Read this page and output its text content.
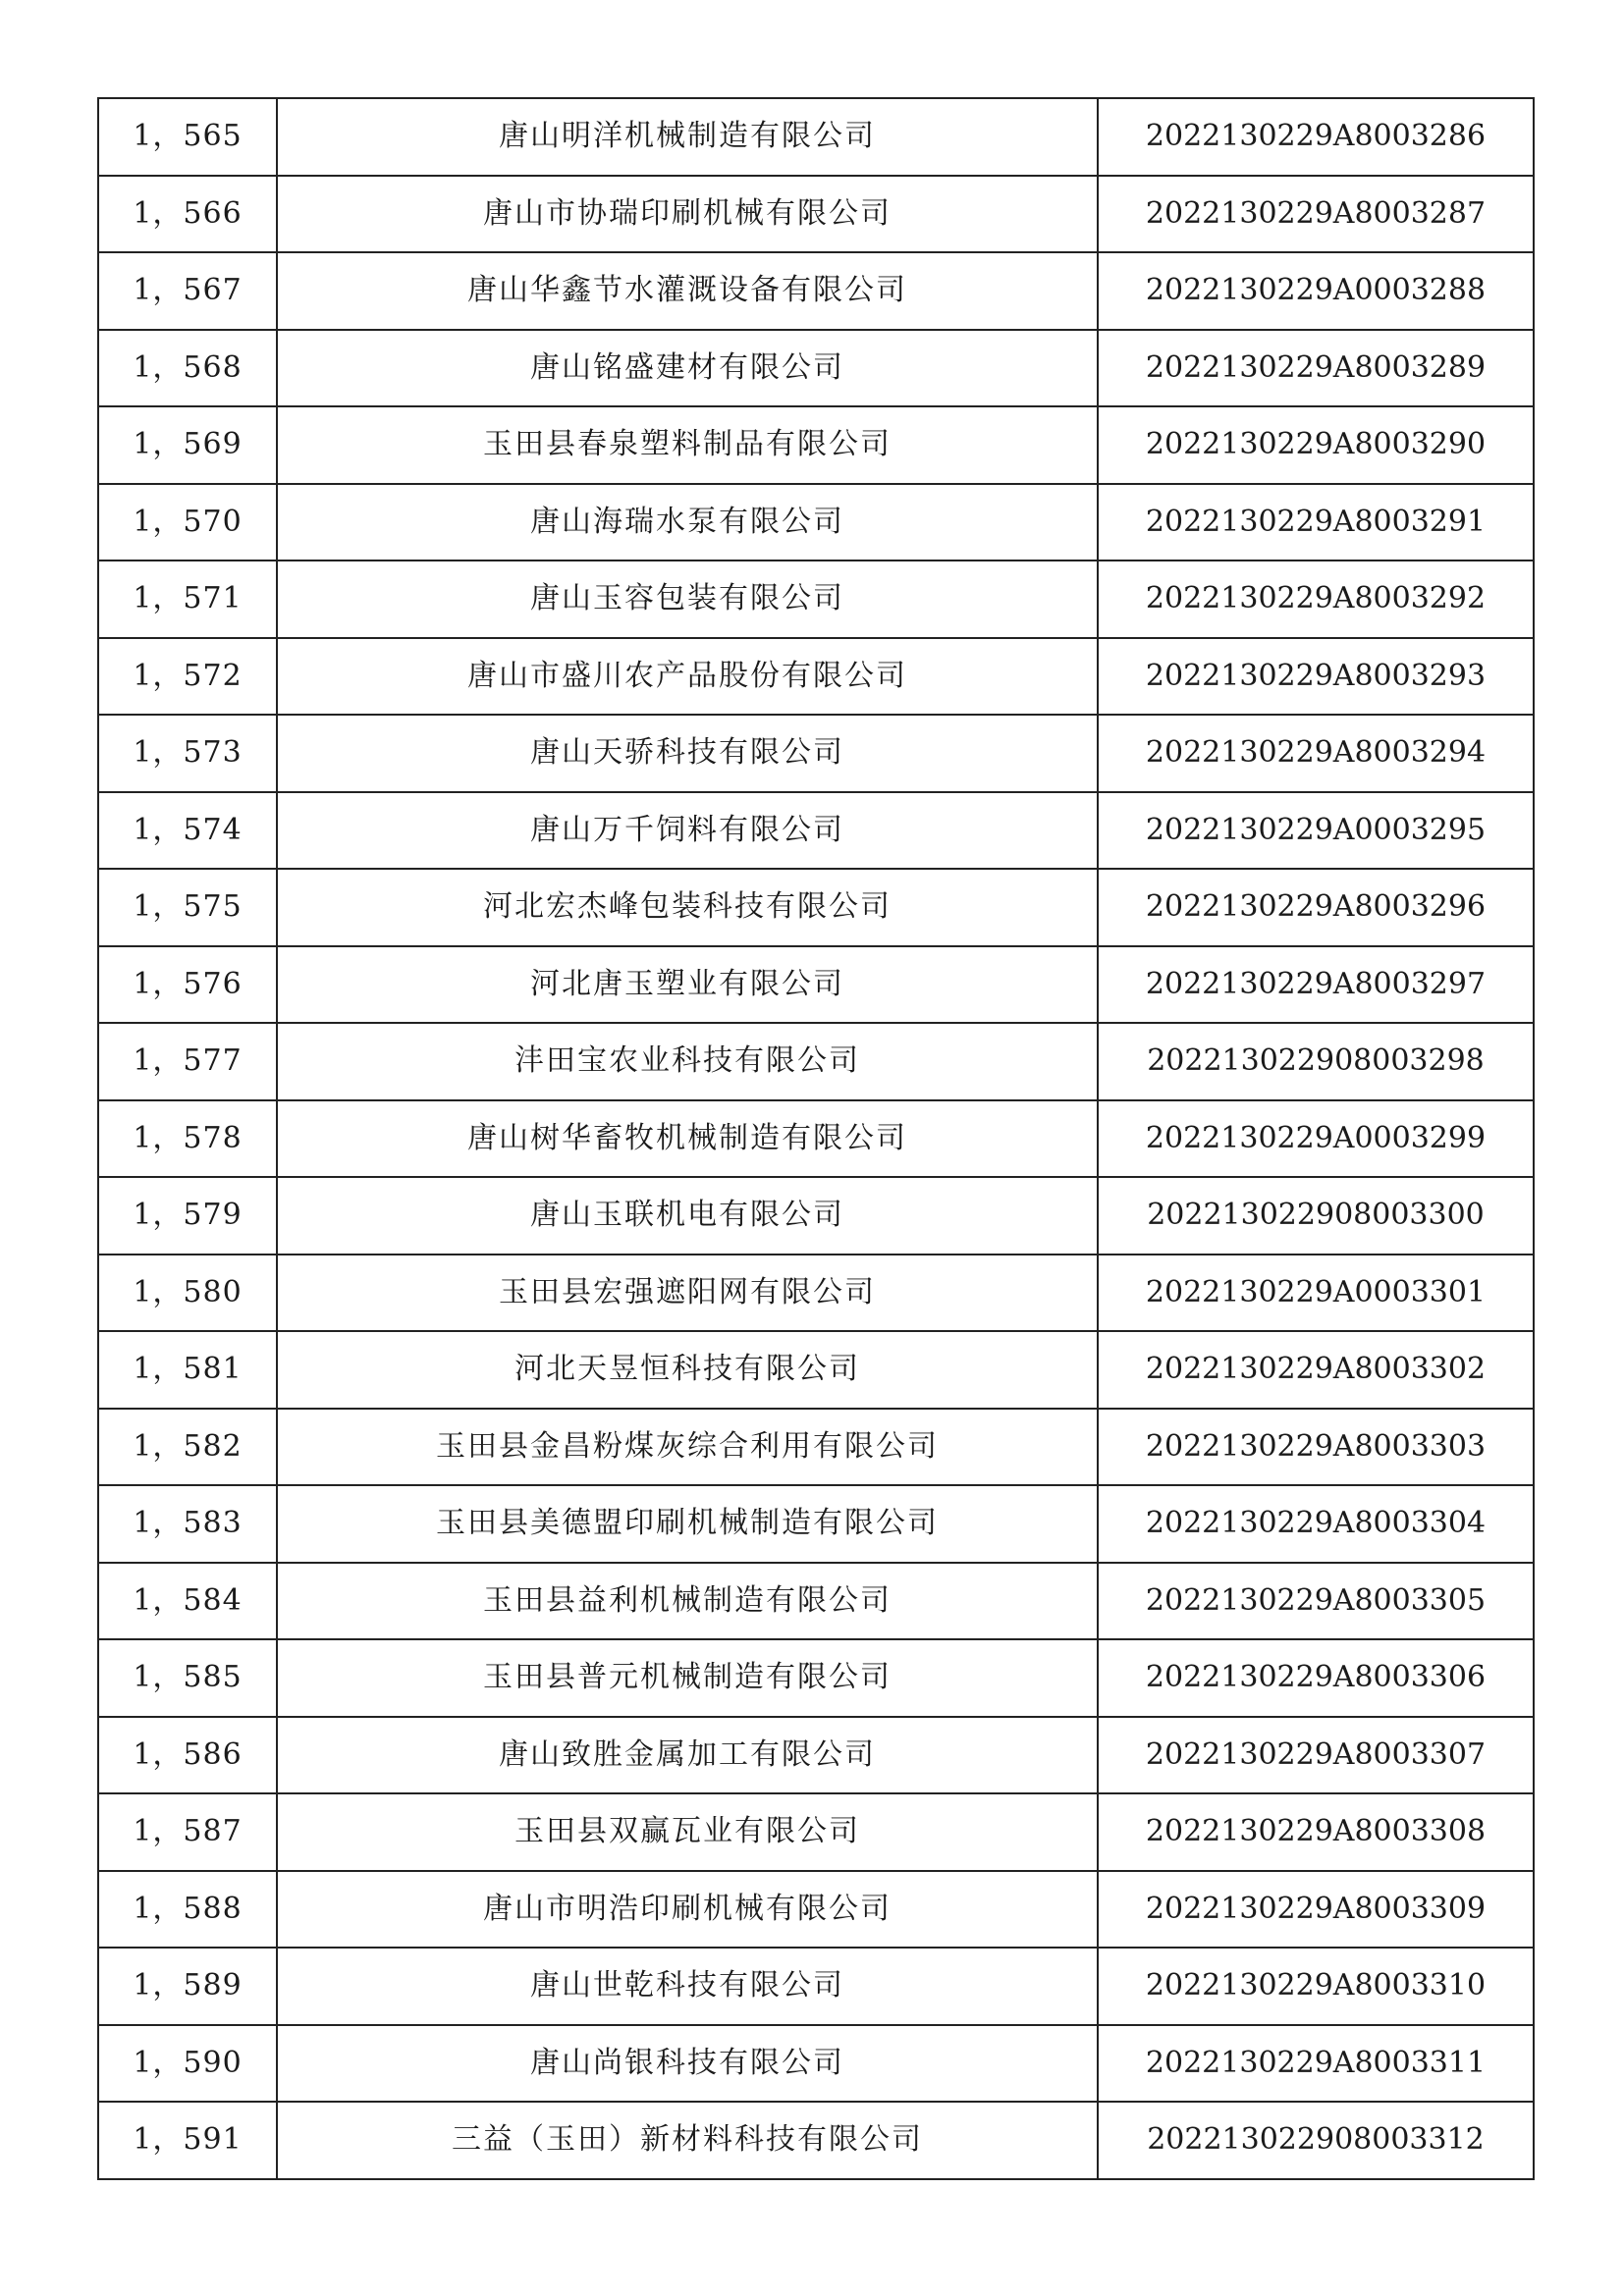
1，565	唐山明洋机械制造有限公司	2022130229A8003286
1，566	唐山市协瑞印刷机械有限公司	2022130229A8003287
1，567	唐山华鑫节水灌溉设备有限公司	2022130229A0003288
1，568	唐山铭盛建材有限公司	2022130229A8003289
1，569	玉田县春泉塑料制品有限公司	2022130229A8003290
1，570	唐山海瑞水泵有限公司	2022130229A8003291
1，571	唐山玉容包装有限公司	2022130229A8003292
1，572	唐山市盛川农产品股份有限公司	2022130229A8003293
1，573	唐山天骄科技有限公司	2022130229A8003294
1，574	唐山万千饲料有限公司	2022130229A0003295
1，575	河北宏杰峰包装科技有限公司	2022130229A8003296
1，576	河北唐玉塑业有限公司	2022130229A8003297
1，577	沣田宝农业科技有限公司	202213022908003298
1，578	唐山树华畜牧机械制造有限公司	2022130229A0003299
1，579	唐山玉联机电有限公司	202213022908003300
1，580	玉田县宏强遮阳网有限公司	2022130229A0003301
1，581	河北天昱恒科技有限公司	2022130229A8003302
1，582	玉田县金昌粉煤灰综合利用有限公司	2022130229A8003303
1，583	玉田县美德盟印刷机械制造有限公司	2022130229A8003304
1，584	玉田县益利机械制造有限公司	2022130229A8003305
1，585	玉田县普元机械制造有限公司	2022130229A8003306
1，586	唐山致胜金属加工有限公司	2022130229A8003307
1，587	玉田县双赢瓦业有限公司	2022130229A8003308
1，588	唐山市明浩印刷机械有限公司	2022130229A8003309
1，589	唐山世乾科技有限公司	2022130229A8003310
1，590	唐山尚银科技有限公司	2022130229A8003311
1，591	三益（玉田）新材料科技有限公司	202213022908003312
